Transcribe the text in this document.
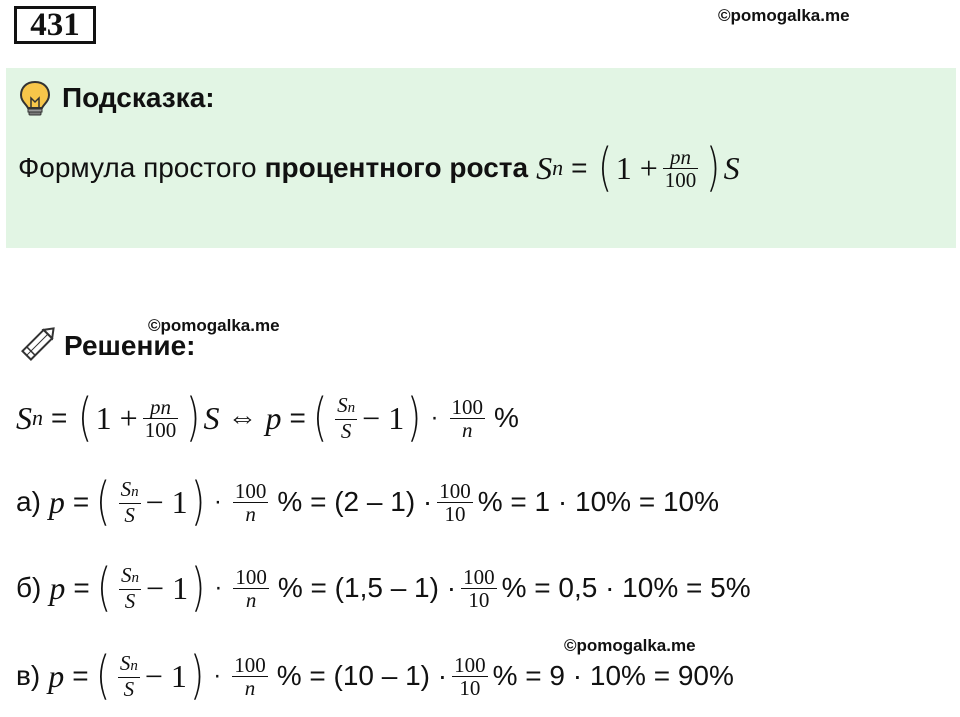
431	©pomogalka.me
Подсказка:
Формула простого процентного роста S n = ( $1 + \frac{pn}{100}$ ) S
©pomogalka.me
Решение:
S n = ( $1 + \frac{pn}{100}$ ) S ⇔ p = ( $\frac{Sn}{S} - 1$ ) · $\frac{100}{n}$ %
а) p = ( $\frac{Sn}{S} - 1$ ) · $\frac{100}{n}$ % = $(2 - 1) \cdot \frac{100}{10}$ % = 1 · 10% = 10%
б) p = ( $\frac{Sn}{S} - 1$ ) · $\frac{100}{n}$ % = $(1,5 - 1) \cdot \frac{100}{10}$ % = 0,5 · 10% = 5%
©pomogalka.me
в) p = ( $\frac{Sn}{S} - 1$ ) · $\frac{100}{n}$ % = $(10 - 1) \cdot \frac{100}{10}$ % = 9 · 10% = 90%
